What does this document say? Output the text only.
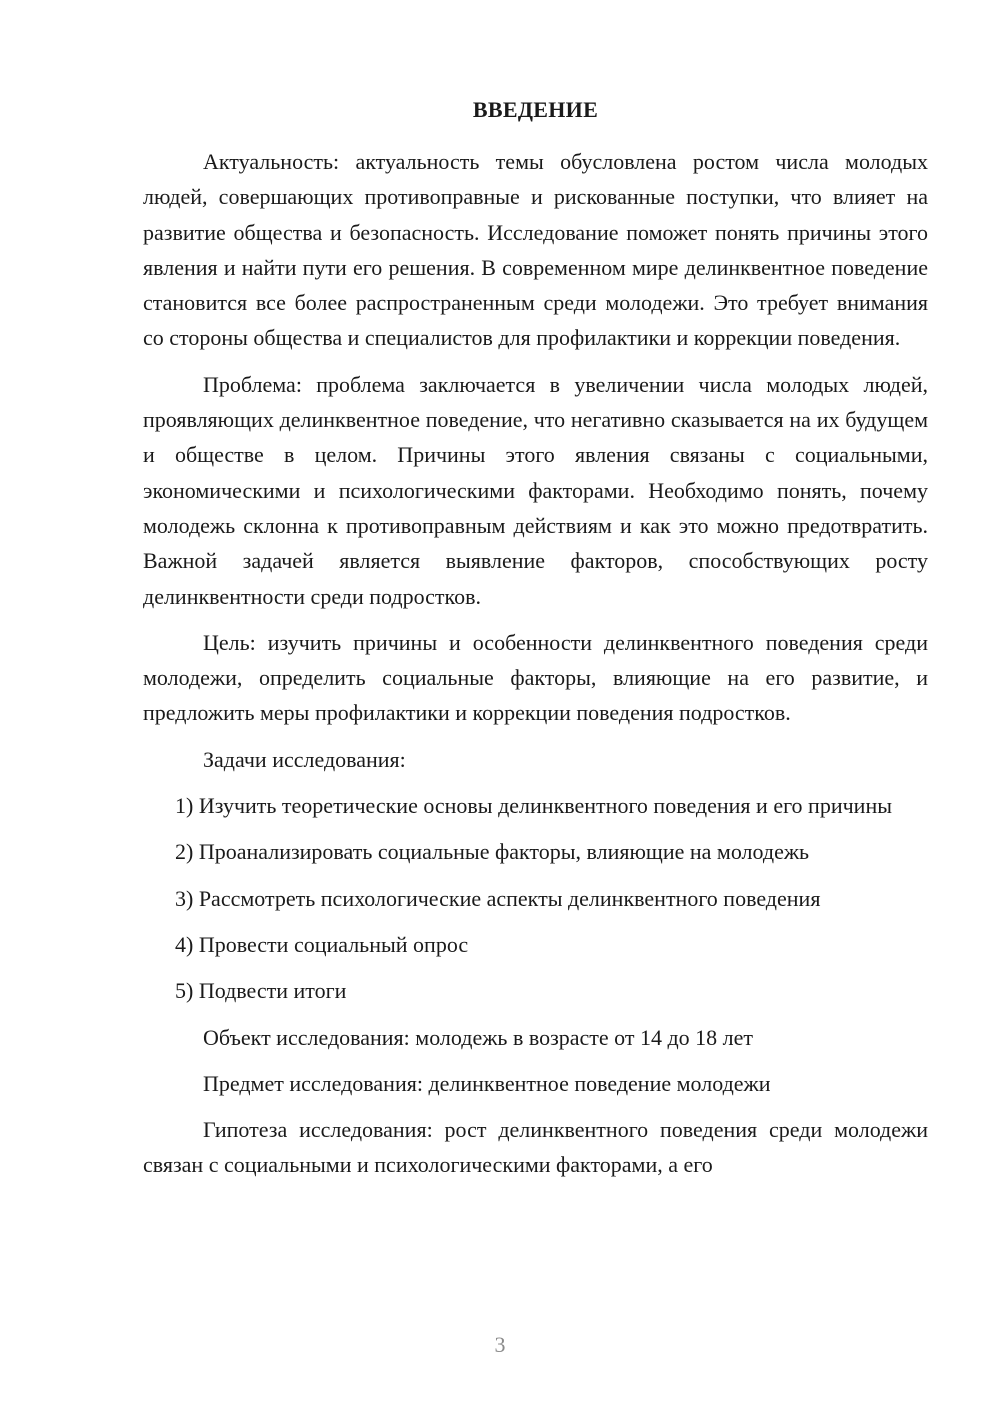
ВВЕДЕНИЕ

Актуальность: актуальность темы обусловлена ростом числа молодых людей, совершающих противоправные и рискованные поступки, что влияет на развитие общества и безопасность. Исследование поможет понять причины этого явления и найти пути его решения. В современном мире делинквентное поведение становится все более распространенным среди молодежи. Это требует внимания со стороны общества и специалистов для профилактики и коррекции поведения.

Проблема: проблема заключается в увеличении числа молодых людей, проявляющих делинквентное поведение, что негативно сказывается на их будущем и обществе в целом. Причины этого явления связаны с социальными, экономическими и психологическими факторами. Необходимо понять, почему молодежь склонна к противоправным действиям и как это можно предотвратить. Важной задачей является выявление факторов, способствующих росту делинквентности среди подростков.

Цель: изучить причины и особенности делинквентного поведения среди молодежи, определить социальные факторы, влияющие на его развитие, и предложить меры профилактики и коррекции поведения подростков.

Задачи исследования:

1) Изучить теоретические основы делинквентного поведения и его причины

2) Проанализировать социальные факторы, влияющие на молодежь

3) Рассмотреть психологические аспекты делинквентного поведения

4) Провести социальный опрос

5) Подвести итоги

Объект исследования: молодежь в возрасте от 14 до 18 лет

Предмет исследования: делинквентное поведение молодежи

Гипотеза исследования: рост делинквентного поведения среди молодежи связан с социальными и психологическими факторами, а его

3
